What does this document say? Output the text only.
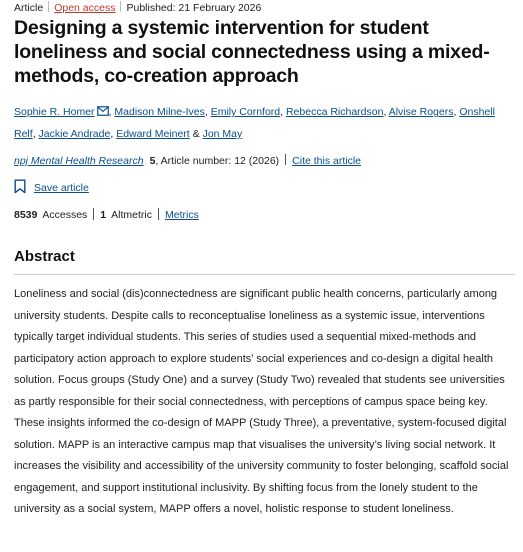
Article Open access Published: 21 February 2026
Designing a systemic intervention for student loneliness and social connectedness using a mixed-methods, co-creation approach
Sophie R. Homer , Madison Milne-Ives, Emily Cornford, Rebecca Richardson, Alvise Rogers, Onshell Relf, Jackie Andrade, Edward Meinert & Jon May
npj Mental Health Research 5, Article number: 12 (2026) Cite this article
Save article
8539 Accesses 1 Altmetric Metrics
Abstract

Loneliness and social (dis)connectedness are significant public health concerns, particularly among university students. Despite calls to reconceptualise loneliness as a systemic issue, interventions typically target individual students. This series of studies used a sequential mixed-methods and participatory action approach to explore students’ social experiences and co-design a digital health solution. Focus groups (Study One) and a survey (Study Two) revealed that students see universities as partly responsible for their social connectedness, with perceptions of campus space being key. These insights informed the co-design of MAPP (Study Three), a preventative, system-focused digital solution. MAPP is an interactive campus map that visualises the university’s living social network. It increases the visibility and accessibility of the university community to foster belonging, scaffold social engagement, and support institutional inclusivity. By shifting focus from the lonely student to the university as a social system, MAPP offers a novel, holistic response to student loneliness.
